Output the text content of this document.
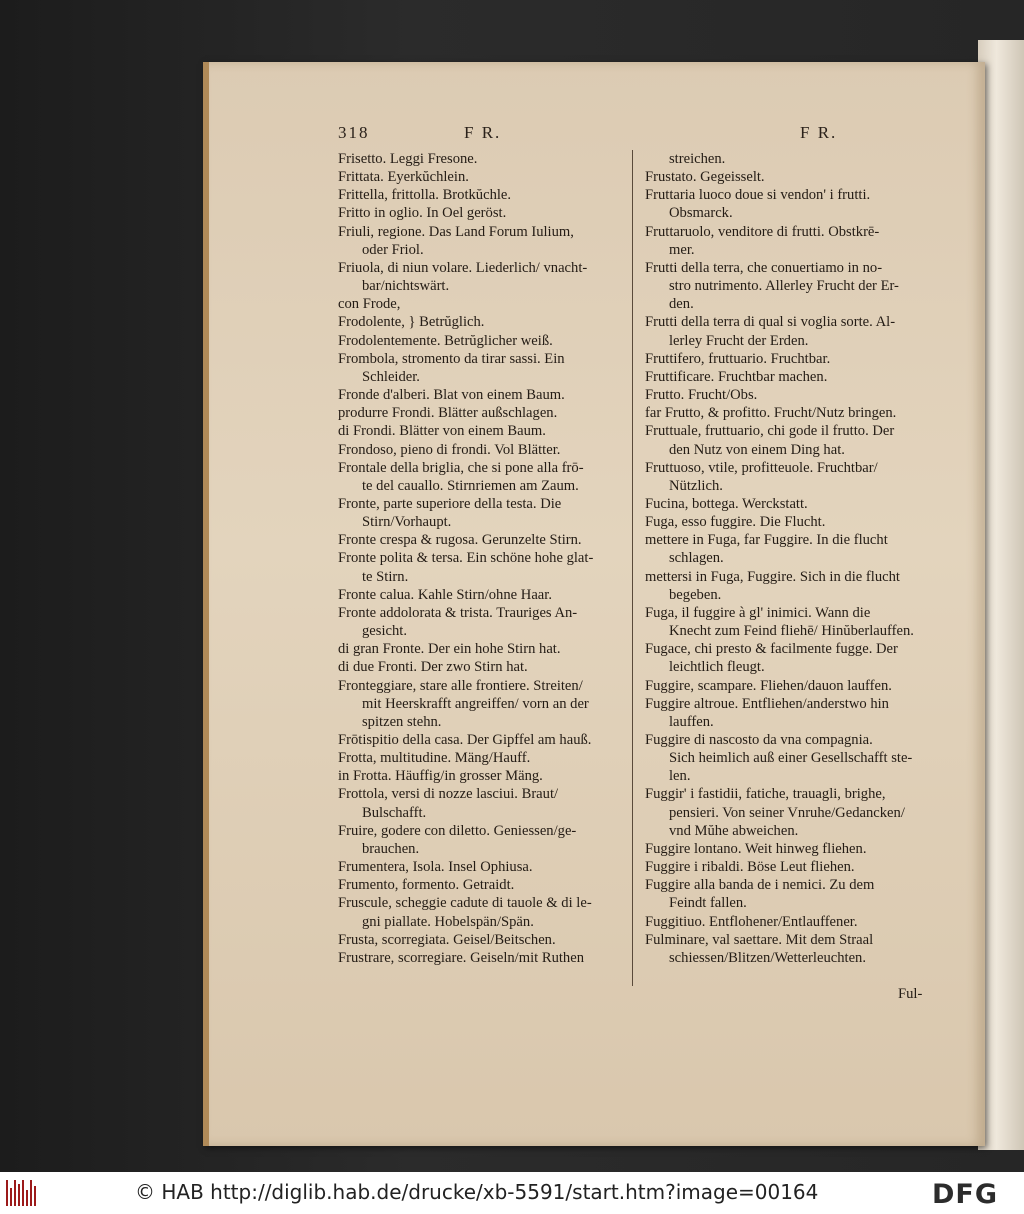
318	F R.	F R.
Frisetto. Leggi Fresone.
Frittata. Eyerkŭchlein.
Frittella, frittolla. Brotkŭchle.
Fritto in oglio. In Oel geröst.
Friuli, regione. Das Land Forum Iulium,
oder Friol.
Friuola, di niun volare. Liederlich/ vnacht-
bar/nichtswärt.
con Frode,
Frodolente, } Betrŭglich.
Frodolentemente. Betrŭglicher weiß.
Frombola, stromento da tirar sassi. Ein
Schleider.
Fronde d'alberi. Blat von einem Baum.
produrre Frondi. Blätter außschlagen.
di Frondi. Blätter von einem Baum.
Frondoso, pieno di frondi. Vol Blätter.
Frontale della briglia, che si pone alla frō-
te del cauallo. Stirnriemen am Zaum.
Fronte, parte superiore della testa. Die
Stirn/Vorhaupt.
Fronte crespa & rugosa. Gerunzelte Stirn.
Fronte polita & tersa. Ein schöne hohe glat-
te Stirn.
Fronte calua. Kahle Stirn/ohne Haar.
Fronte addolorata & trista. Trauriges An-
gesicht.
di gran Fronte. Der ein hohe Stirn hat.
di due Fronti. Der zwo Stirn hat.
Fronteggiare, stare alle frontiere. Streiten/
mit Heerskrafft angreiffen/ vorn an der
spitzen stehn.
Frōtispitio della casa. Der Gipffel am hauß.
Frotta, multitudine. Mäng/Hauff.
in Frotta. Häuffig/in grosser Mäng.
Frottola, versi di nozze lasciui. Braut/
Bulschafft.
Fruire, godere con diletto. Geniessen/ge-
brauchen.
Frumentera, Isola. Insel Ophiusa.
Frumento, formento. Getraidt.
Fruscule, scheggie cadute di tauole & di le-
gni piallate. Hobelspän/Spän.
Frusta, scorregiata. Geisel/Beitschen.
Frustrare, scorregiare. Geiseln/mit Ruthen
streichen.
Frustato. Gegeisselt.
Fruttaria luoco doue si vendon' i frutti.
Obsmarck.
Fruttaruolo, venditore di frutti. Obstkrē-
mer.
Frutti della terra, che conuertiamo in no-
stro nutrimento. Allerley Frucht der Er-
den.
Frutti della terra di qual si voglia sorte. Al-
lerley Frucht der Erden.
Fruttifero, fruttuario. Fruchtbar.
Fruttificare. Fruchtbar machen.
Frutto. Frucht/Obs.
far Frutto, & profitto. Frucht/Nutz bringen.
Fruttuale, fruttuario, chi gode il frutto. Der
den Nutz von einem Ding hat.
Fruttuoso, vtile, profitteuole. Fruchtbar/
Nützlich.
Fucina, bottega. Werckstatt.
Fuga, esso fuggire. Die Flucht.
mettere in Fuga, far Fuggire. In die flucht
schlagen.
mettersi in Fuga, Fuggire. Sich in die flucht
begeben.
Fuga, il fuggire à gl' inimici. Wann die
Knecht zum Feind fliehē/ Hinŭberlauffen.
Fugace, chi presto & facilmente fugge. Der
leichtlich fleugt.
Fuggire, scampare. Fliehen/dauon lauffen.
Fuggire altroue. Entfliehen/anderstwo hin
lauffen.
Fuggire di nascosto da vna compagnia.
Sich heimlich auß einer Gesellschafft ste-
len.
Fuggir' i fastidii, fatiche, trauagli, brighe,
pensieri. Von seiner Vnruhe/Gedancken/
vnd Mŭhe abweichen.
Fuggire lontano. Weit hinweg fliehen.
Fuggire i ribaldi. Böse Leut fliehen.
Fuggire alla banda de i nemici. Zu dem
Feindt fallen.
Fuggitiuo. Entflohener/Entlauffener.
Fulminare, val saettare. Mit dem Straal
schiessen/Blitzen/Wetterleuchten.
Ful-
© HAB http://diglib.hab.de/drucke/xb-5591/start.htm?image=00164	DFG
